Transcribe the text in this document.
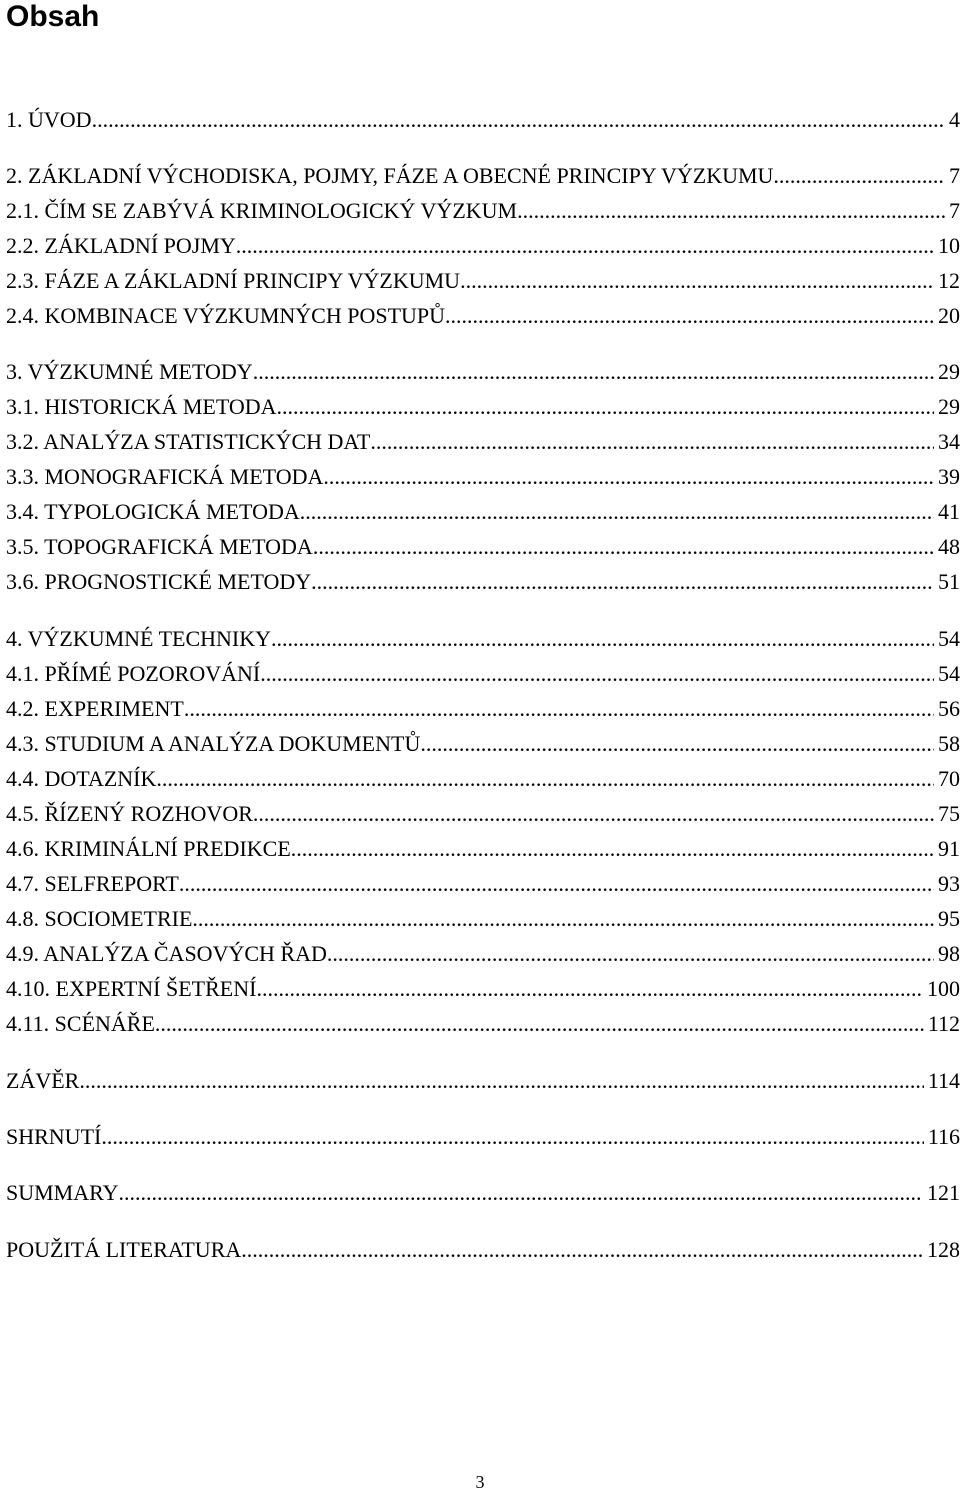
Obsah
1. ÚVOD .....	4
2. ZÁKLADNÍ VÝCHODISKA, POJMY, FÁZE A OBECNÉ PRINCIPY VÝZKUMU .....	7
2.1. ČÍM SE ZABÝVÁ KRIMINOLOGICKÝ VÝZKUM .....	7
2.2. ZÁKLADNÍ POJMY .....	10
2.3. FÁZE A ZÁKLADNÍ PRINCIPY VÝZKUMU .....	12
2.4. KOMBINACE VÝZKUMNÝCH POSTUPŮ .....	20
3. VÝZKUMNÉ METODY .....	29
3.1. HISTORICKÁ METODA .....	29
3.2. ANALÝZA STATISTICKÝCH DAT .....	34
3.3. MONOGRAFICKÁ METODA .....	39
3.4. TYPOLOGICKÁ METODA .....	41
3.5. TOPOGRAFICKÁ METODA .....	48
3.6. PROGNOSTICKÉ METODY .....	51
4. VÝZKUMNÉ TECHNIKY .....	54
4.1. PŘÍMÉ POZOROVÁNÍ .....	54
4.2. EXPERIMENT .....	56
4.3. STUDIUM A ANALÝZA DOKUMENTŮ .....	58
4.4. DOTAZNÍK .....	70
4.5. ŘÍZENÝ ROZHOVOR .....	75
4.6. KRIMINÁLNÍ PREDIKCE .....	91
4.7. SELFREPORT .....	93
4.8. SOCIOMETRIE .....	95
4.9. ANALÝZA ČASOVÝCH ŘAD .....	98
4.10. EXPERTNÍ ŠETŘENÍ .....	100
4.11. SCÉNÁŘE .....	112
ZÁVĚR .....	114
SHRNUTÍ .....	116
SUMMARY .....	121
POUŽITÁ LITERATURA .....	128
3
